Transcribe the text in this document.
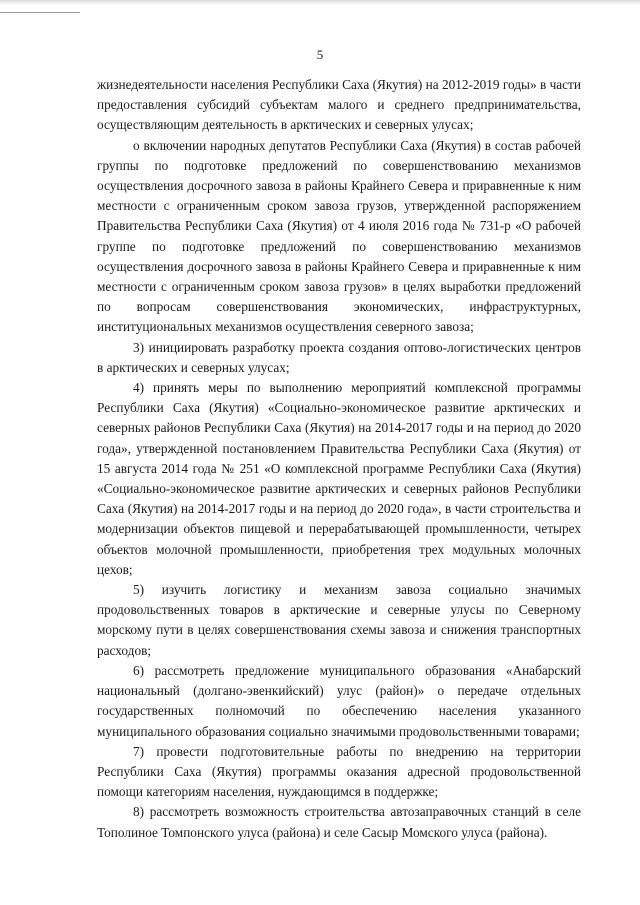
5

жизнедеятельности населения Республики Саха (Якутия) на 2012-2019 годы» в части предоставления субсидий субъектам малого и среднего предпринимательства, осуществляющим деятельность в арктических и северных улусах;

о включении народных депутатов Республики Саха (Якутия) в состав рабочей группы по подготовке предложений по совершенствованию механизмов осуществления досрочного завоза в районы Крайнего Севера и приравненные к ним местности с ограниченным сроком завоза грузов, утвержденной распоряжением Правительства Республики Саха (Якутия) от 4 июля 2016 года № 731-р «О рабочей группе по подготовке предложений по совершенствованию механизмов осуществления досрочного завоза в районы Крайнего Севера и приравненные к ним местности с ограниченным сроком завоза грузов» в целях выработки предложений по вопросам совершенствования экономических, инфраструктурных, институциональных механизмов осуществления северного завоза;

3) инициировать разработку проекта создания оптово-логистических центров в арктических и северных улусах;

4) принять меры по выполнению мероприятий комплексной программы Республики Саха (Якутия) «Социально-экономическое развитие арктических и северных районов Республики Саха (Якутия) на 2014-2017 годы и на период до 2020 года», утвержденной постановлением Правительства Республики Саха (Якутия) от 15 августа 2014 года № 251 «О комплексной программе Республики Саха (Якутия) «Социально-экономическое развитие арктических и северных районов Республики Саха (Якутия) на 2014-2017 годы и на период до 2020 года», в части строительства и модернизации объектов пищевой и перерабатывающей промышленности, четырех объектов молочной промышленности, приобретения трех модульных молочных цехов;

5) изучить логистику и механизм завоза социально значимых продовольственных товаров в арктические и северные улусы по Северному морскому пути в целях совершенствования схемы завоза и снижения транспортных расходов;

6) рассмотреть предложение муниципального образования «Анабарский национальный (долгано-эвенкийский) улус (район)» о передаче отдельных государственных полномочий по обеспечению населения указанного муниципального образования социально значимыми продовольственными товарами;

7) провести подготовительные работы по внедрению на территории Республики Саха (Якутия) программы оказания адресной продовольственной помощи категориям населения, нуждающимся в поддержке;

8) рассмотреть возможность строительства автозаправочных станций в селе Тополиное Томпонского улуса (района) и селе Сасыр Момского улуса (района).
